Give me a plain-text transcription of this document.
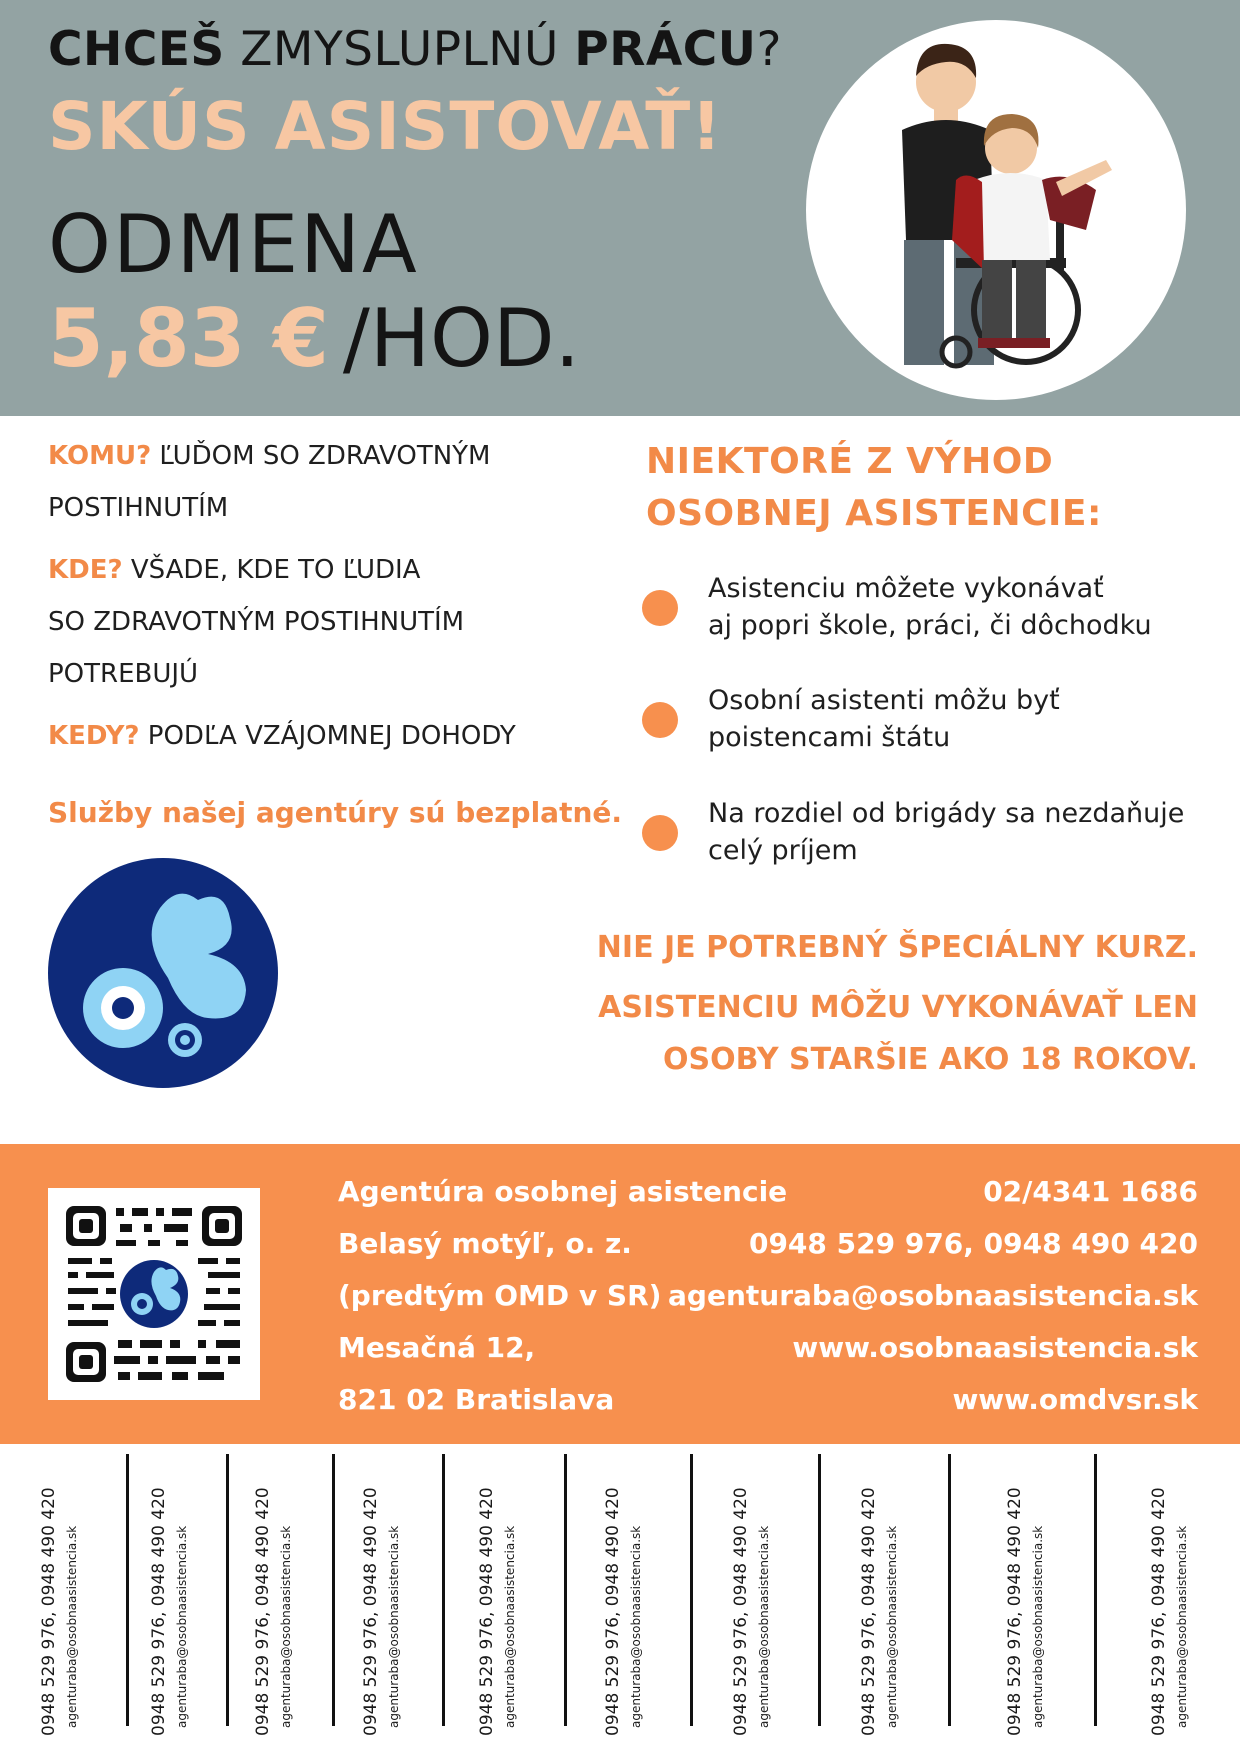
CHCEŠ ZMYSLUPLNÚ PRÁCU?
SKÚS ASISTOVAŤ!
ODMENA
5,83 € /HOD.
KOMU? ĽUĎOM SO ZDRAVOTNÝM
POSTIHNUTÍM
KDE? VŠADE, KDE TO ĽUDIA
SO ZDRAVOTNÝM POSTIHNUTÍM
POTREBUJÚ
KEDY? PODĽA VZÁJOMNEJ DOHODY
Služby našej agentúry sú bezplatné.
NIEKTORÉ Z VÝHOD
OSOBNEJ ASISTENCIE:
Asistenciu môžete vykonávať
aj popri škole, práci, či dôchodku
Osobní asistenti môžu byť
poistencami štátu
Na rozdiel od brigády sa nezdaňuje
celý príjem
NIE JE POTREBNÝ ŠPECIÁLNY KURZ.
ASISTENCIU MÔŽU VYKONÁVAŤ LEN
OSOBY STARŠIE AKO 18 ROKOV.
Agentúra osobnej asistencie
Belasý motýľ, o. z.
(predtým OMD v SR)
Mesačná 12,
821 02 Bratislava
02/4341 1686
0948 529 976, 0948 490 420
agenturaba@osobnaasistencia.sk
www.osobnaasistencia.sk
www.omdvsr.sk
0948 529 976, 0948 490 420 agenturaba@osobnaasistencia.sk	0948 529 976, 0948 490 420 agenturaba@osobnaasistencia.sk	0948 529 976, 0948 490 420 agenturaba@osobnaasistencia.sk	0948 529 976, 0948 490 420 agenturaba@osobnaasistencia.sk	0948 529 976, 0948 490 420 agenturaba@osobnaasistencia.sk	0948 529 976, 0948 490 420 agenturaba@osobnaasistencia.sk	0948 529 976, 0948 490 420 agenturaba@osobnaasistencia.sk	0948 529 976, 0948 490 420 agenturaba@osobnaasistencia.sk	0948 529 976, 0948 490 420 agenturaba@osobnaasistencia.sk	0948 529 976, 0948 490 420 agenturaba@osobnaasistencia.sk
